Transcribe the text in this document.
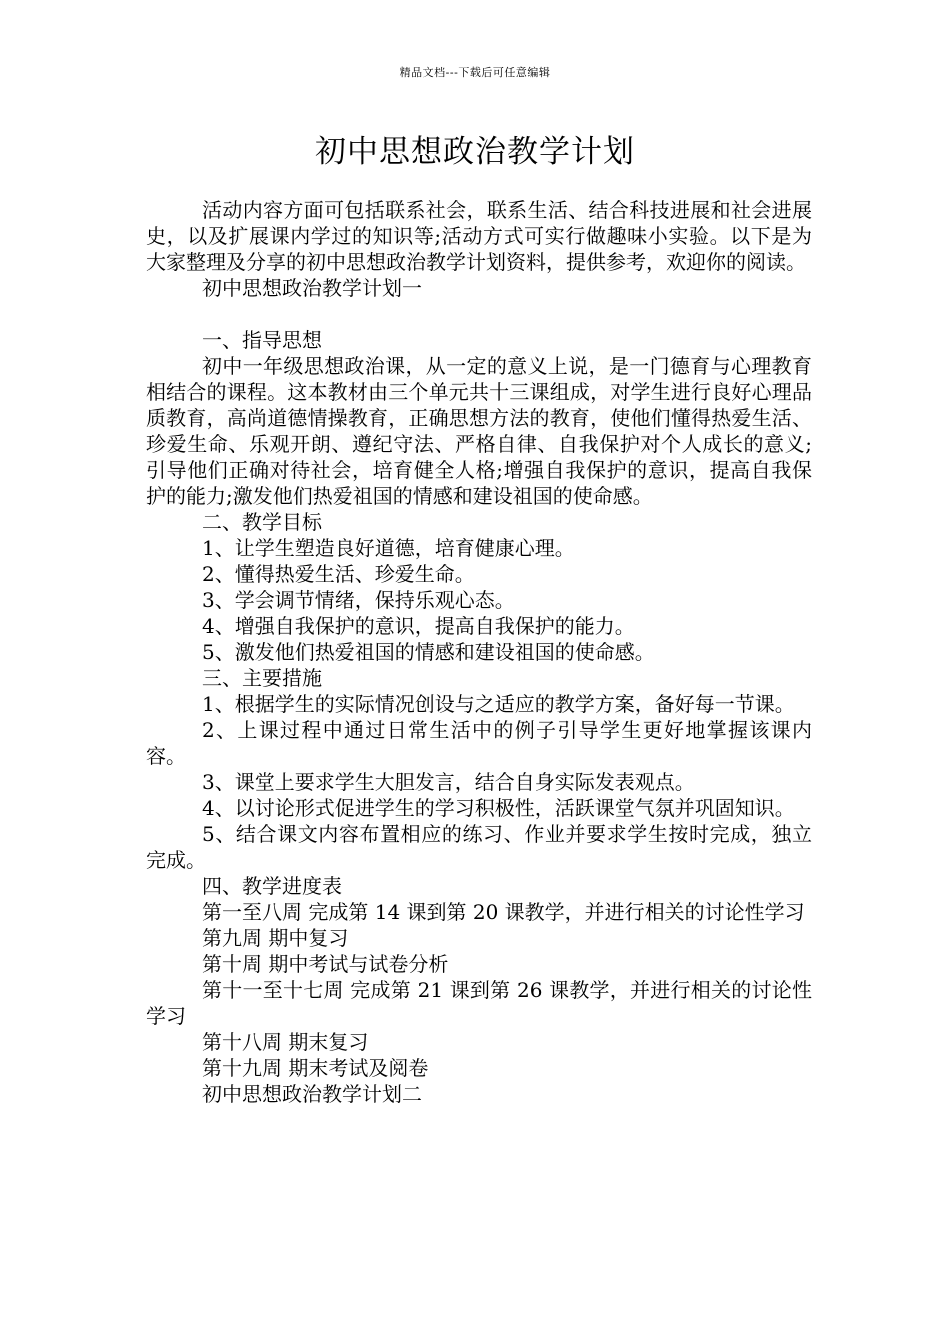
精品文档---下载后可任意编辑
初中思想政治教学计划

活动内容方面可包括联系社会，联系生活、结合科技进展和社会进展史，以及扩展课内学过的知识等;活动方式可实行做趣味小实验。以下是为大家整理及分享的初中思想政治教学计划资料，提供参考，欢迎你的阅读。

初中思想政治教学计划一

一、指导思想

初中一年级思想政治课，从一定的意义上说，是一门德育与心理教育相结合的课程。这本教材由三个单元共十三课组成，对学生进行良好心理品质教育，高尚道德情操教育，正确思想方法的教育，使他们懂得热爱生活、珍爱生命、乐观开朗、遵纪守法、严格自律、自我保护对个人成长的意义;引导他们正确对待社会，培育健全人格;增强自我保护的意识，提高自我保护的能力;激发他们热爱祖国的情感和建设祖国的使命感。

二、教学目标

1、让学生塑造良好道德，培育健康心理。

2、懂得热爱生活、珍爱生命。

3、学会调节情绪，保持乐观心态。

4、增强自我保护的意识，提高自我保护的能力。

5、激发他们热爱祖国的情感和建设祖国的使命感。

三、主要措施

1、根据学生的实际情况创设与之适应的教学方案，备好每一节课。

2、上课过程中通过日常生活中的例子引导学生更好地掌握该课内容。

3、课堂上要求学生大胆发言，结合自身实际发表观点。

4、以讨论形式促进学生的学习积极性，活跃课堂气氛并巩固知识。

5、结合课文内容布置相应的练习、作业并要求学生按时完成，独立完成。

四、教学进度表

第一至八周 完成第 14 课到第 20 课教学，并进行相关的讨论性学习

第九周 期中复习

第十周 期中考试与试卷分析

第十一至十七周 完成第 21 课到第 26 课教学，并进行相关的讨论性学习

第十八周 期末复习

第十九周 期末考试及阅卷

初中思想政治教学计划二
